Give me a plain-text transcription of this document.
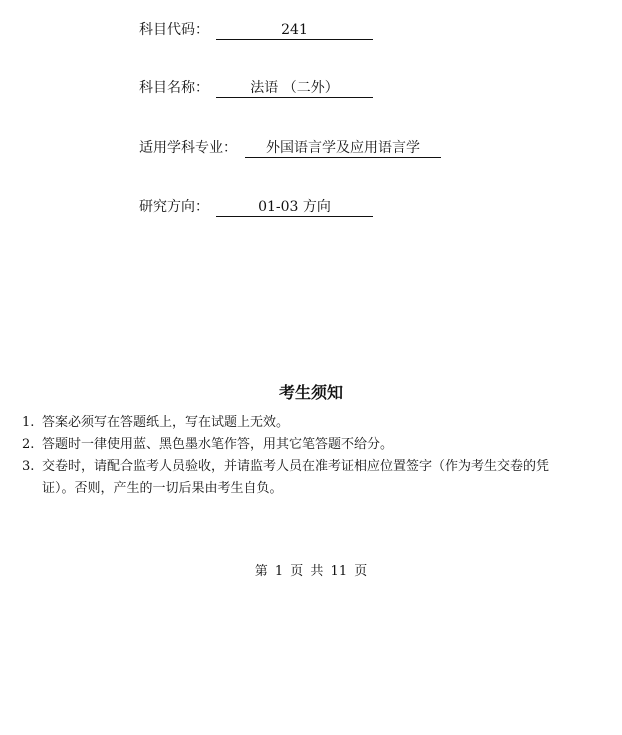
科目代码：	241
科目名称：	法语 （二外）
适用学科专业：	外国语言学及应用语言学
研究方向：	01-03 方向
考生须知
1. 答案必须写在答题纸上，写在试题上无效。
2. 答题时一律使用蓝、黑色墨水笔作答，用其它笔答题不给分。
3. 交卷时，请配合监考人员验收，并请监考人员在准考证相应位置签字（作为考生交卷的凭证）。否则，产生的一切后果由考生自负。
第 1 页 共 11 页
